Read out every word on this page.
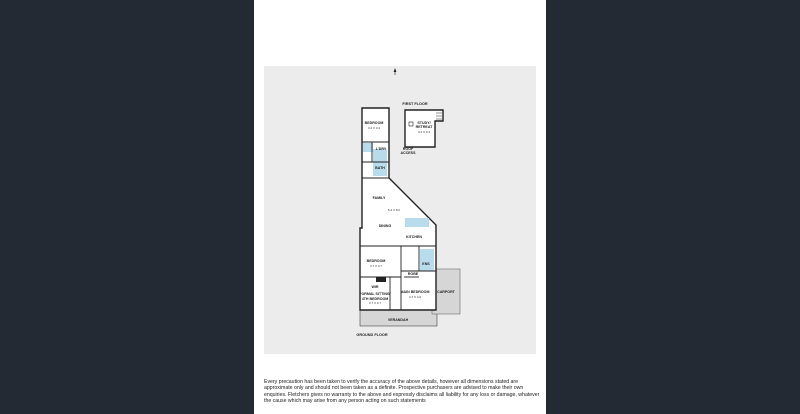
FIRST FLOOR
GROUND FLOOR
STUDY/
RETREAT
3.2 X 3.4
ROOF
ACCESS
BEDROOM
3.2 X 3.4
L'DRY
BATH
FAMILY
5.2 X 8.2
DINING
KITCHEN
BEDROOM
3.7 X 3.7	ENS
WIR
ROBE
FORMAL SITTING/
4TH BEDROOM
3.7 X 3.7
MAIN BEDROOM
3.7 X 4.6
CARPORT
VERANDAH

Every precaution has been taken to verify the accuracy of the above details, however all dimensions stated are approximate only and should not been taken as a definite. Prospective purchasers are advised to make their own enquiries. Fletchers gives no warranty to the above and expressly disclaims all liability for any loss or damage, whatever the cause which may arise from any person acting on such statements
